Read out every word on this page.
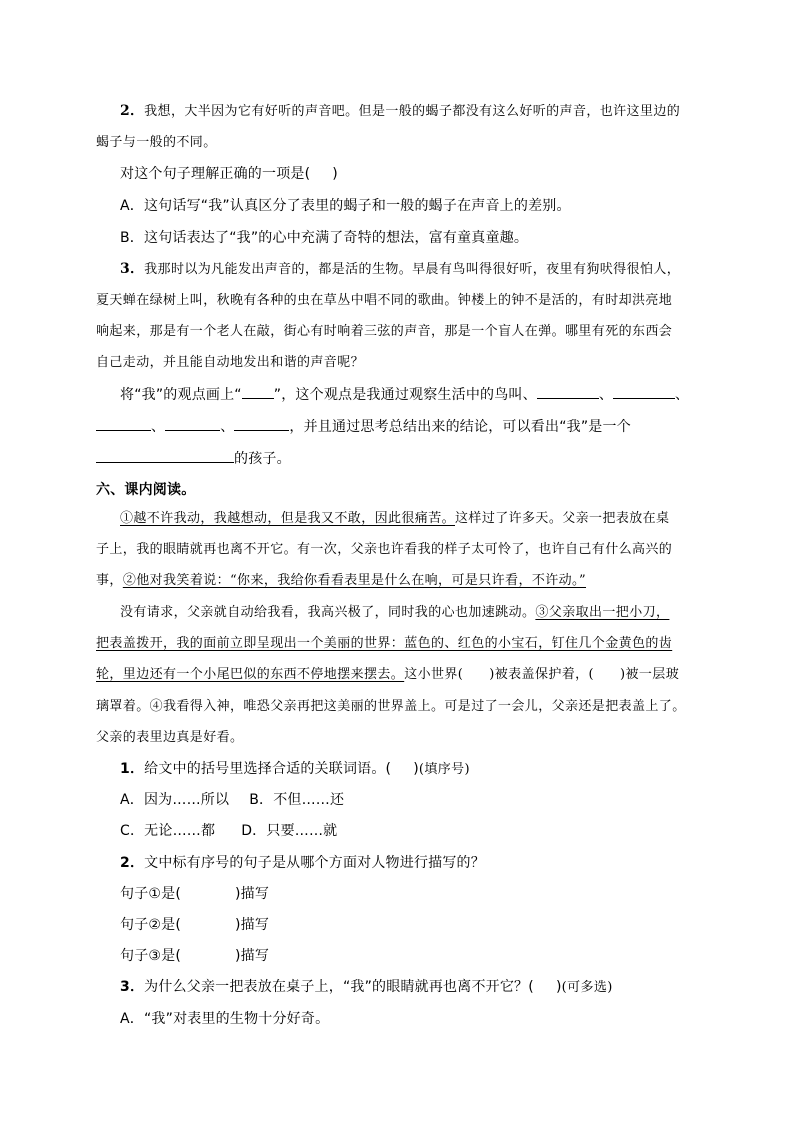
2．我想，大半因为它有好听的声音吧。但是一般的蝎子都没有这么好听的声音，也许这里边的
蝎子与一般的不同。
对这个句子理解正确的一项是( )
A．这句话写“我”认真区分了表里的蝎子和一般的蝎子在声音上的差别。
B．这句话表达了“我”的心中充满了奇特的想法，富有童真童趣。
3．我那时以为凡能发出声音的，都是活的生物。早晨有鸟叫得很好听，夜里有狗吠得很怕人，
夏天蝉在绿树上叫，秋晚有各种的虫在草丛中唱不同的歌曲。钟楼上的钟不是活的，有时却洪亮地
响起来，那是有一个老人在敲，街心有时响着三弦的声音，那是一个盲人在弹。哪里有死的东西会
自己走动，并且能自动地发出和谐的声音呢？
将“我”的观点画上“ ”，这个观点是我通过观察生活中的鸟叫、	、	、
、	、	，并且通过思考总结出来的结论，可以看出“我”是一个
的孩子。
六、课内阅读。
①越不许我动，我越想动，但是我又不敢，因此很痛苦。这样过了许多天。父亲一把表放在桌
子上，我的眼睛就再也离不开它。有一次，父亲也许看我的样子太可怜了，也许自己有什么高兴的
事，②他对我笑着说：“你来，我给你看看表里是什么在响，可是只许看，不许动。”
没有请求，父亲就自动给我看，我高兴极了，同时我的心也加速跳动。③父亲取出一把小刀，
把表盖拨开，我的面前立即呈现出一个美丽的世界：蓝色的、红色的小宝石，钉住几个金黄色的齿
轮，里边还有一个小尾巴似的东西不停地摆来摆去。这小世界( )被表盖保护着，( )被一层玻
璃罩着。④我看得入神，唯恐父亲再把这美丽的世界盖上。可是过了一会儿，父亲还是把表盖上了。
父亲的表里边真是好看。
1．给文中的括号里选择合适的关联词语。( )(填序号)
A．因为……所以 B．不但……还
C．无论……都 D．只要……就
2．文中标有序号的句子是从哪个方面对人物进行描写的？
句子①是(	)描写
句子②是(	)描写
句子③是(	)描写
3．为什么父亲一把表放在桌子上，“我”的眼睛就再也离不开它？( )(可多选)
A．“我”对表里的生物十分好奇。
